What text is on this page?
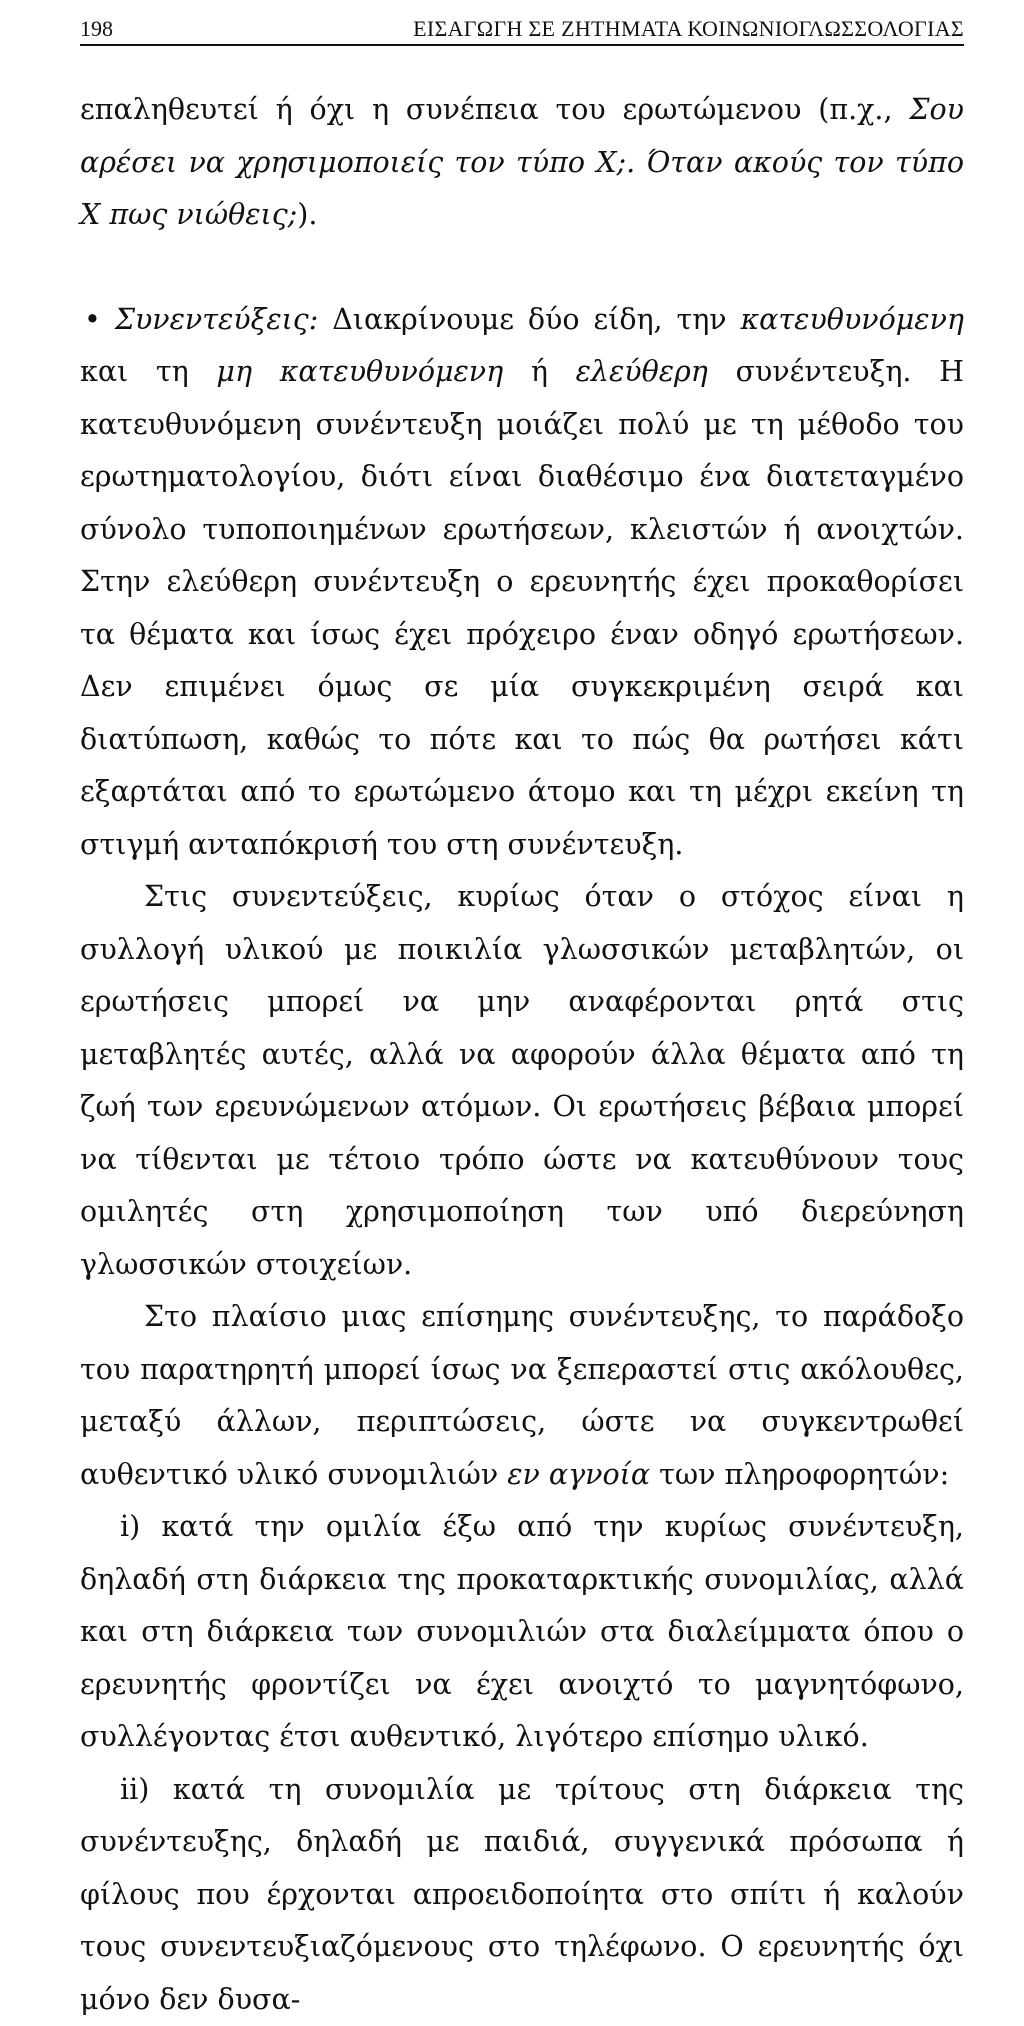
198	ΕΙΣΑΓΩΓΗ ΣΕ ΖΗΤΗΜΑΤΑ ΚΟΙΝΩΝΙΟΓΛΩΣΣΟΛΟΓΙΑΣ

επαληθευτεί ή όχι η συνέπεια του ερωτώμενου (π.χ., Σου αρέσει να χρησιμοποιείς τον τύπο Χ;. Όταν ακούς τον τύπο Χ πως νιώθεις;).

• Συνεντεύξεις: Διακρίνουμε δύο είδη, την κατευθυνόμενη και τη μη κατευθυνόμενη ή ελεύθερη συνέντευξη. Η κατευθυνόμενη συνέντευξη μοιάζει πολύ με τη μέθοδο του ερωτηματολογίου, διότι είναι διαθέσιμο ένα διατεταγμένο σύνολο τυποποιημένων ερωτήσεων, κλειστών ή ανοιχτών. Στην ελεύθερη συνέντευξη ο ερευνητής έχει προκαθορίσει τα θέματα και ίσως έχει πρόχειρο έναν οδηγό ερωτήσεων. Δεν επιμένει όμως σε μία συγκεκριμένη σειρά και διατύπωση, καθώς το πότε και το πώς θα ρωτήσει κάτι εξαρτάται από το ερωτώμενο άτομο και τη μέχρι εκείνη τη στιγμή ανταπόκρισή του στη συνέντευξη.

Στις συνεντεύξεις, κυρίως όταν ο στόχος είναι η συλλογή υλικού με ποικιλία γλωσσικών μεταβλητών, οι ερωτήσεις μπορεί να μην αναφέρονται ρητά στις μεταβλητές αυτές, αλλά να αφορούν άλλα θέματα από τη ζωή των ερευνώμενων ατόμων. Οι ερωτήσεις βέβαια μπορεί να τίθενται με τέτοιο τρόπο ώστε να κατευθύνουν τους ομιλητές στη χρησιμοποίηση των υπό διερεύνηση γλωσσικών στοιχείων.

Στο πλαίσιο μιας επίσημης συνέντευξης, το παράδοξο του παρατηρητή μπορεί ίσως να ξεπεραστεί στις ακόλουθες, μεταξύ άλλων, περιπτώσεις, ώστε να συγκεντρωθεί αυθεντικό υλικό συνομιλιών εν αγνοία των πληροφορητών:

i) κατά την ομιλία έξω από την κυρίως συνέντευξη, δηλαδή στη διάρκεια της προκαταρκτικής συνομιλίας, αλλά και στη διάρκεια των συνομιλιών στα διαλείμματα όπου ο ερευνητής φροντίζει να έχει ανοιχτό το μαγνητόφωνο, συλλέγοντας έτσι αυθεντικό, λιγότερο επίσημο υλικό.

ii) κατά τη συνομιλία με τρίτους στη διάρκεια της συνέντευξης, δηλαδή με παιδιά, συγγενικά πρόσωπα ή φίλους που έρχονται απροειδοποίητα στο σπίτι ή καλούν τους συνεντευξιαζόμενους στο τηλέφωνο. Ο ερευνητής όχι μόνο δεν δυσα-
